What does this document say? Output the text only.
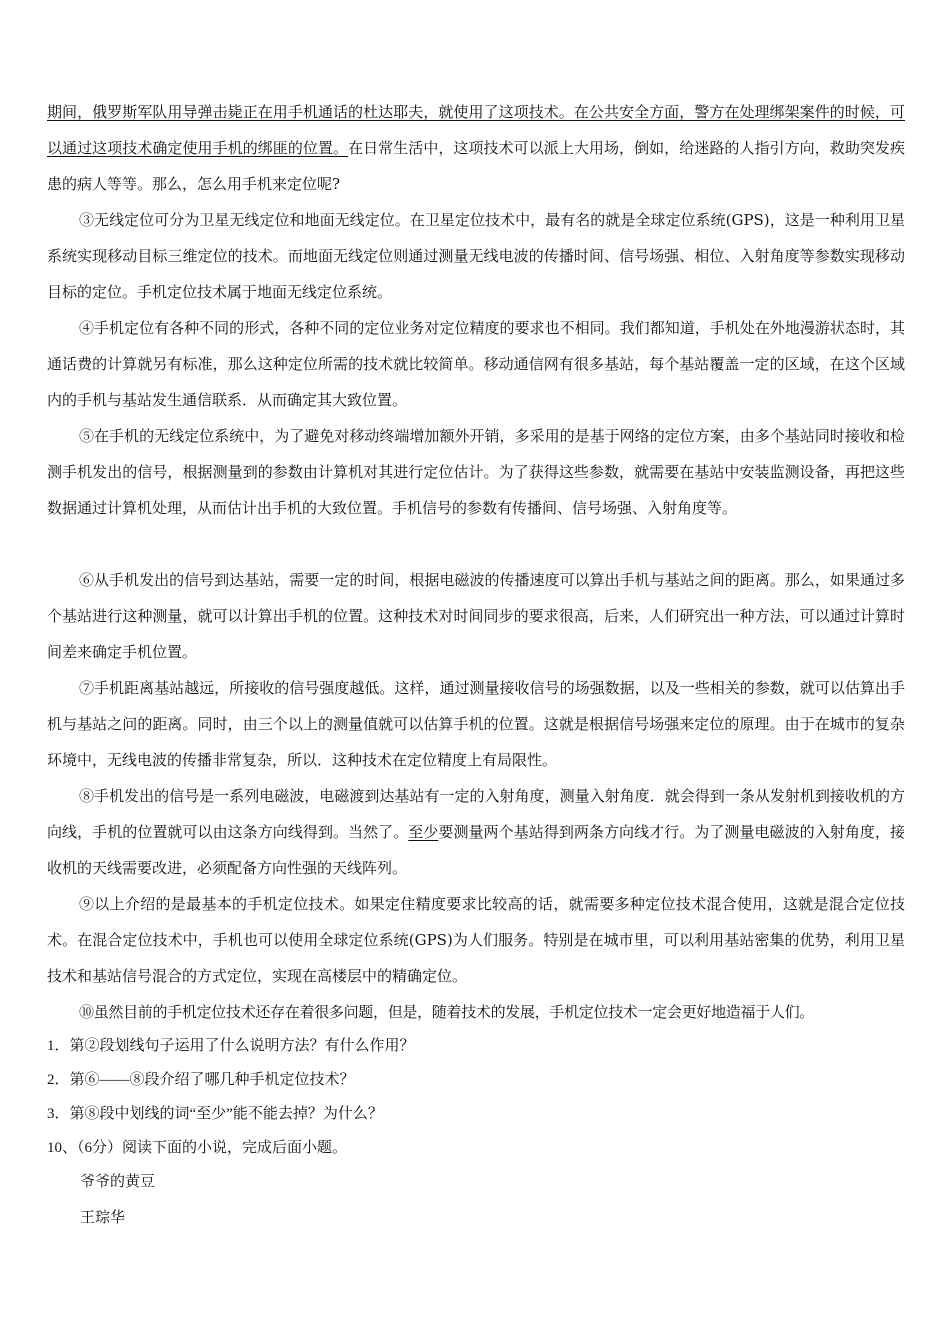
期间，俄罗斯军队用导弹击毙正在用手机通话的杜达耶夫，就使用了这项技术。在公共安全方面，警方在处理绑架案件的时候，可以通过这项技术确定使用手机的绑匪的位置。在日常生活中，这项技术可以派上大用场，倒如，给迷路的人指引方向，救助突发疾患的病人等等。那么，怎么用手机来定位呢?

③无线定位可分为卫星无线定位和地面无线定位。在卫星定位技术中，最有名的就是全球定位系统(GPS)，这是一种利用卫星系统实现移动目标三维定位的技术。而地面无线定位则通过测量无线电波的传播时间、信号场强、相位、入射角度等参数实现移动目标的定位。手机定位技术属于地面无线定位系统。

④手机定位有各种不同的形式，各种不同的定位业务对定位精度的要求也不相同。我们都知道，手机处在外地漫游状态时，其通话费的计算就另有标准，那么这种定位所需的技术就比较简单。移动通信网有很多基站，每个基站覆盖一定的区域，在这个区域内的手机与基站发生通信联系．从而确定其大致位置。

⑤在手机的无线定位系统中，为了避免对移动终端增加额外开销，多采用的是基于网络的定位方案，由多个基站同时接收和检测手机发出的信号，根据测量到的参数由计算机对其进行定位估计。为了获得这些参数，就需要在基站中安装监测设备，再把这些数据通过计算机处理，从而估计出手机的大致位置。手机信号的参数有传播间、信号场强、入射角度等。

⑥从手机发出的信号到达基站，需要一定的时间，根据电磁波的传播速度可以算出手机与基站之间的距离。那么，如果通过多个基站进行这种测量，就可以计算出手机的位置。这种技术对时间同步的要求很高，后来，人们研究出一种方法，可以通过计算时间差来确定手机位置。

⑦手机距离基站越远，所接收的信号强度越低。这样，通过测量接收信号的场强数据，以及一些相关的参数，就可以估算出手机与基站之问的距离。同时，由三个以上的测量值就可以估算手机的位置。这就是根据信号场强来定位的原理。由于在城市的复杂环境中，无线电波的传播非常复杂，所以．这种技术在定位精度上有局限性。

⑧手机发出的信号是一系列电磁波，电磁渡到达基站有一定的入射角度，测量入射角度．就会得到一条从发射机到接收机的方向线，手机的位置就可以由这条方向线得到。当然了。至少要测量两个基站得到两条方向线才行。为了测量电磁波的入射角度，接收机的天线需要改进，必须配备方向性强的天线阵列。

⑨以上介绍的是最基本的手机定位技术。如果定住精度要求比较高的话，就需要多种定位技术混合使用，这就是混合定位技术。在混合定位技术中，手机也可以使用全球定位系统(GPS)为人们服务。特别是在城市里，可以利用基站密集的优势，利用卫星技术和基站信号混合的方式定位，实现在高楼层中的精确定位。

⑩虽然目前的手机定位技术还存在着很多问题，但是，随着技术的发展，手机定位技术一定会更好地造福于人们。

1．第②段划线句子运用了什么说明方法？有什么作用？

2．第⑥——⑧段介绍了哪几种手机定位技术？

3．第⑧段中划线的词“至少”能不能去掉？为什么？

10、（6分）阅读下面的小说，完成后面小题。

爷爷的黄豆

王琮华
